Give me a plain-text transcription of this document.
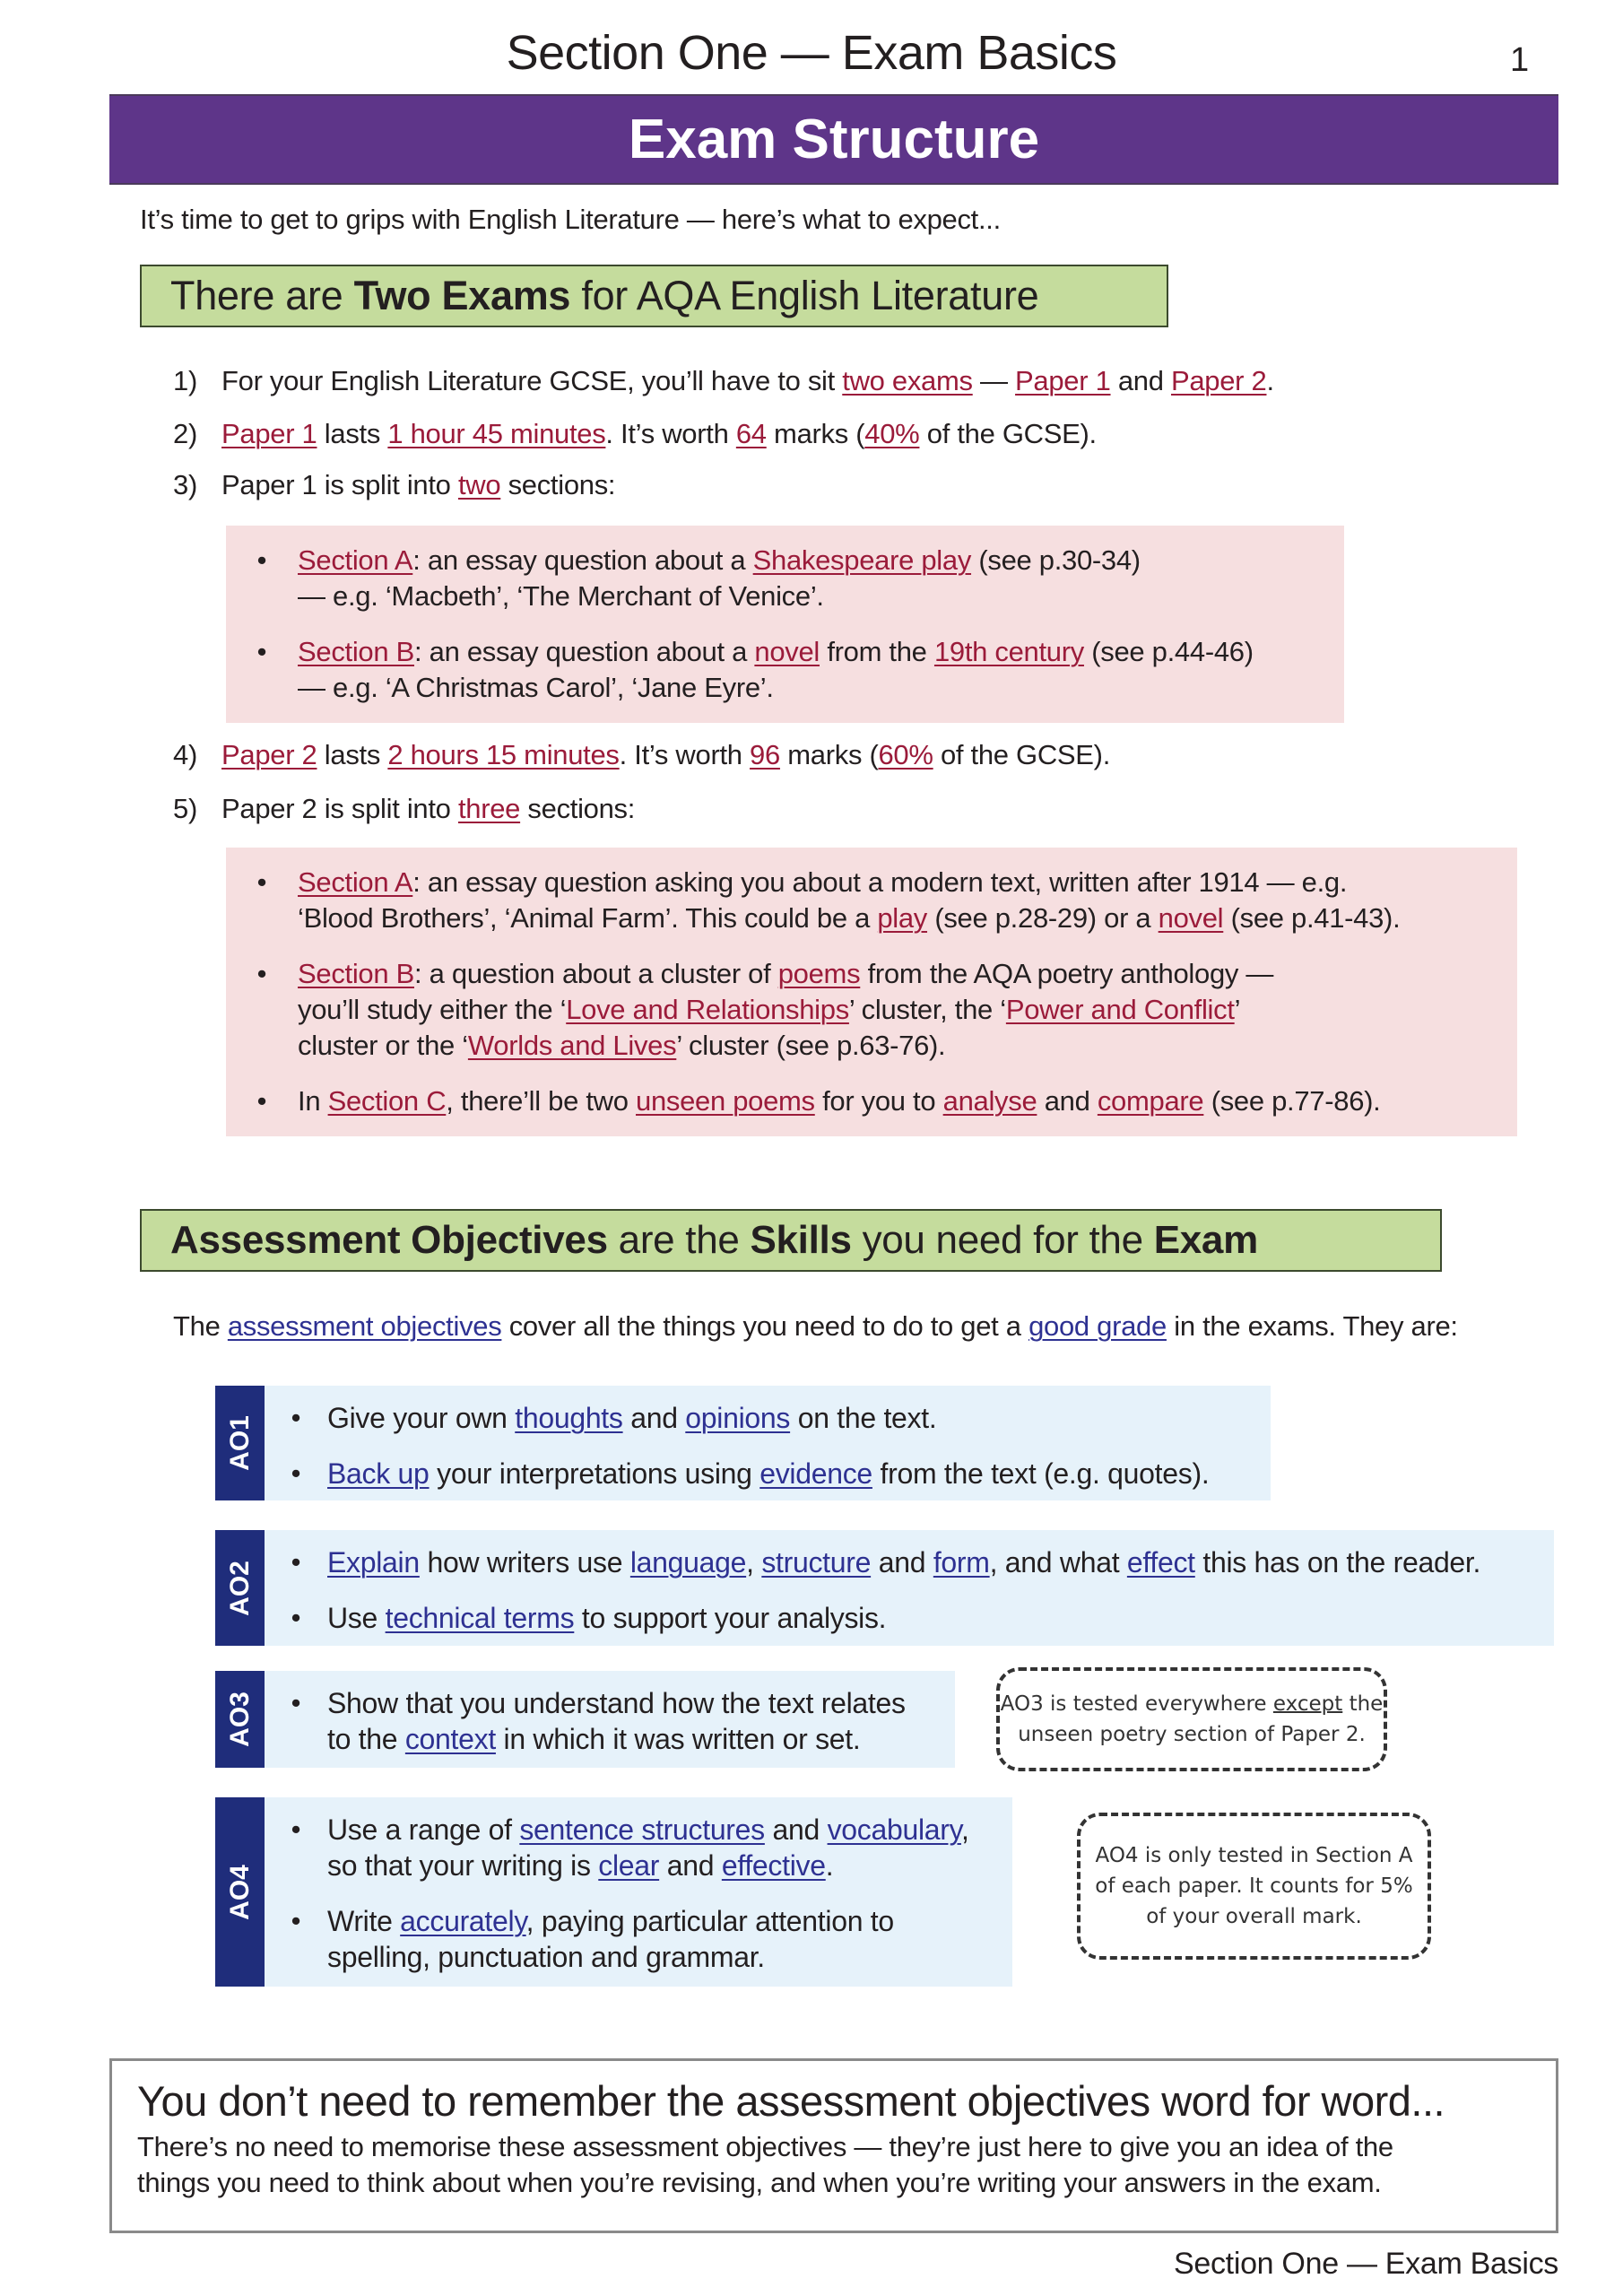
Section One — Exam Basics	1
Exam Structure
It’s time to get to grips with English Literature — here’s what to expect...
There are Two Exams for AQA English Literature
1) For your English Literature GCSE, you’ll have to sit two exams — Paper 1 and Paper 2.
2) Paper 1 lasts 1 hour 45 minutes. It’s worth 64 marks (40% of the GCSE).
3) Paper 1 is split into two sections:
•	Section A: an essay question about a Shakespeare play (see p.30-34)
— e.g. ‘Macbeth’, ‘The Merchant of Venice’.
•	Section B: an essay question about a novel from the 19th century (see p.44-46)
— e.g. ‘A Christmas Carol’, ‘Jane Eyre’.
4) Paper 2 lasts 2 hours 15 minutes. It’s worth 96 marks (60% of the GCSE).
5) Paper 2 is split into three sections:
•	Section A: an essay question asking you about a modern text, written after 1914 — e.g.
‘Blood Brothers’, ‘Animal Farm’. This could be a play (see p.28-29) or a novel (see p.41-43).
•	Section B: a question about a cluster of poems from the AQA poetry anthology —
you’ll study either the ‘Love and Relationships’ cluster, the ‘Power and Conflict’
cluster or the ‘Worlds and Lives’ cluster (see p.63-76).
•	In Section C, there’ll be two unseen poems for you to analyse and compare (see p.77-86).
Assessment Objectives are the Skills you need for the Exam
The assessment objectives cover all the things you need to do to get a good grade in the exams. They are:
AO1	• Give your own thoughts and opinions on the text.
• Back up your interpretations using evidence from the text (e.g. quotes).
AO2	• Explain how writers use language, structure and form, and what effect this has on the reader.
• Use technical terms to support your analysis.
AO3	• Show that you understand how the text relates
to the context in which it was written or set.
AO4
• Use a range of sentence structures and vocabulary,
so that your writing is clear and effective.
• Write accurately, paying particular attention to
spelling, punctuation and grammar.
AO3 is tested everywhere except the
unseen poetry section of Paper 2.
AO4 is only tested in Section A
of each paper. It counts for 5%
of your overall mark.
You don’t need to remember the assessment objectives word for word...
There’s no need to memorise these assessment objectives — they’re just here to give you an idea of the
things you need to think about when you’re revising, and when you’re writing your answers in the exam.
Section One — Exam Basics
